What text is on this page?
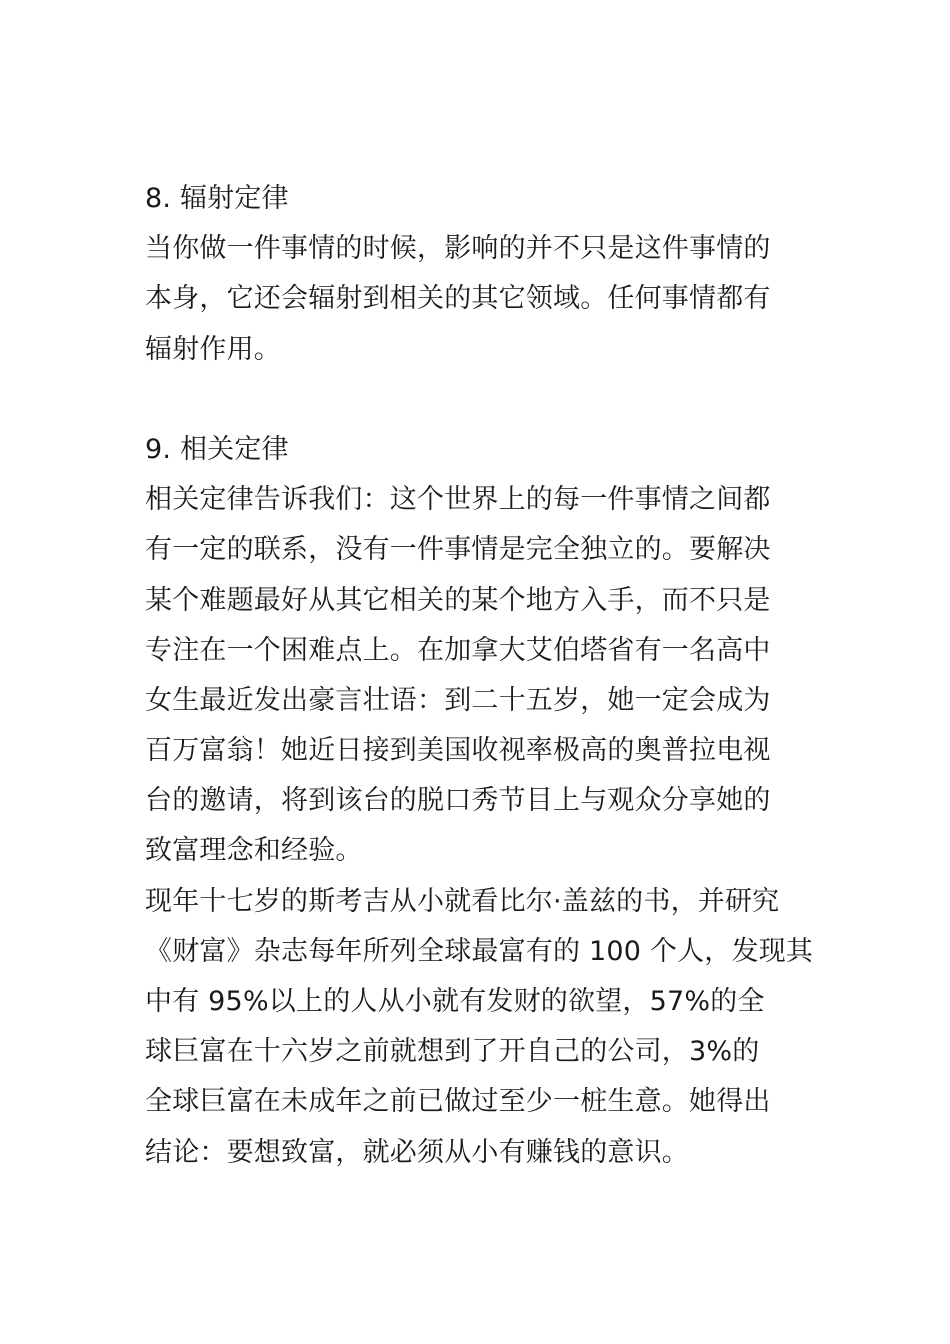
8. 辐射定律
当你做一件事情的时候，影响的并不只是这件事情的
本身，它还会辐射到相关的其它领域。任何事情都有
辐射作用。
9. 相关定律
相关定律告诉我们：这个世界上的每一件事情之间都
有一定的联系，没有一件事情是完全独立的。要解决
某个难题最好从其它相关的某个地方入手，而不只是
专注在一个困难点上。在加拿大艾伯塔省有一名高中
女生最近发出豪言壮语：到二十五岁，她一定会成为
百万富翁！她近日接到美国收视率极高的奥普拉电视
台的邀请，将到该台的脱口秀节目上与观众分享她的
致富理念和经验。
现年十七岁的斯考吉从小就看比尔·盖兹的书，并研究
《财富》杂志每年所列全球最富有的 100 个人，发现其
中有 95%以上的人从小就有发财的欲望，57%的全
球巨富在十六岁之前就想到了开自己的公司，3%的
全球巨富在未成年之前已做过至少一桩生意。她得出
结论：要想致富，就必须从小有赚钱的意识。
